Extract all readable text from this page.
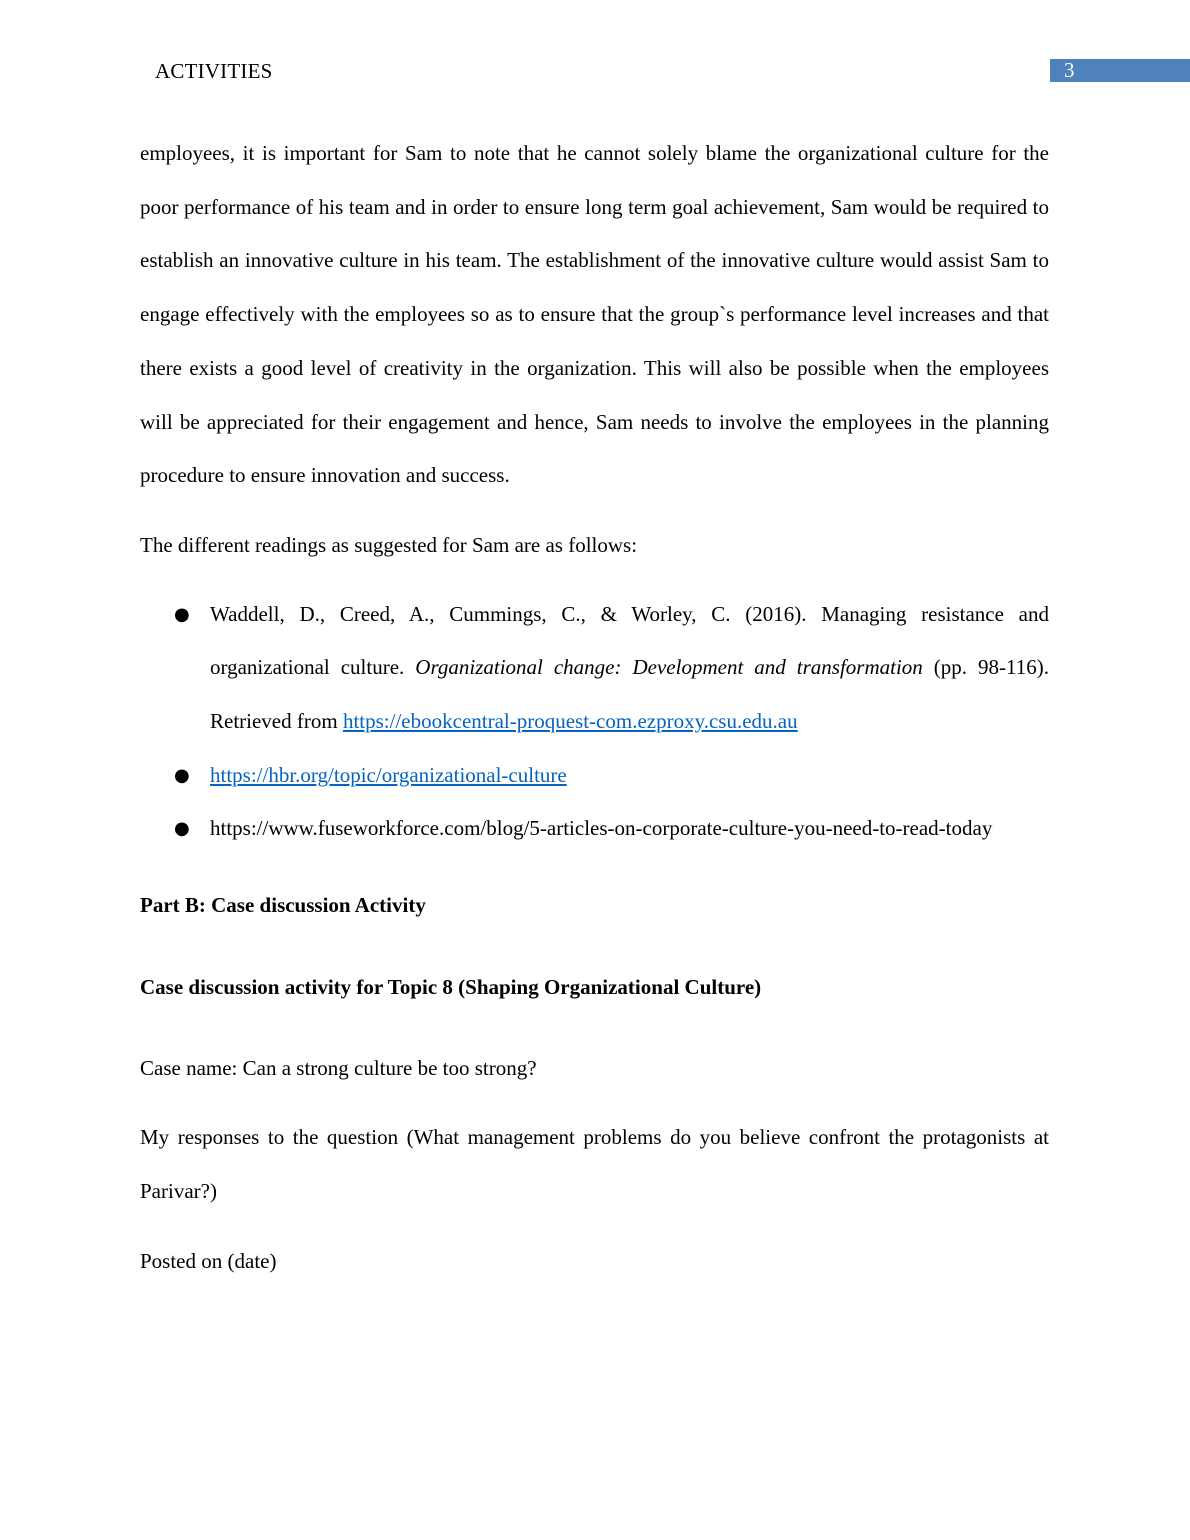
ACTIVITIES	3

employees, it is important for Sam to note that he cannot solely blame the organizational culture for the poor performance of his team and in order to ensure long term goal achievement, Sam would be required to establish an innovative culture in his team. The establishment of the innovative culture would assist Sam to engage effectively with the employees so as to ensure that the group`s performance level increases and that there exists a good level of creativity in the organization. This will also be possible when the employees will be appreciated for their engagement and hence, Sam needs to involve the employees in the planning procedure to ensure innovation and success.

The different readings as suggested for Sam are as follows:

● Waddell, D., Creed, A., Cummings, C., & Worley, C. (2016). Managing resistance and organizational culture. Organizational change: Development and transformation (pp. 98-116). Retrieved from https://ebookcentral-proquest-com.ezproxy.csu.edu.au
● https://hbr.org/topic/organizational-culture
● https://www.fuseworkforce.com/blog/5-articles-on-corporate-culture-you-need-to-read-today
Part B: Case discussion Activity
Case discussion activity for Topic 8 (Shaping Organizational Culture)

Case name: Can a strong culture be too strong?

My responses to the question (What management problems do you believe confront the protagonists at Parivar?)

Posted on (date)
